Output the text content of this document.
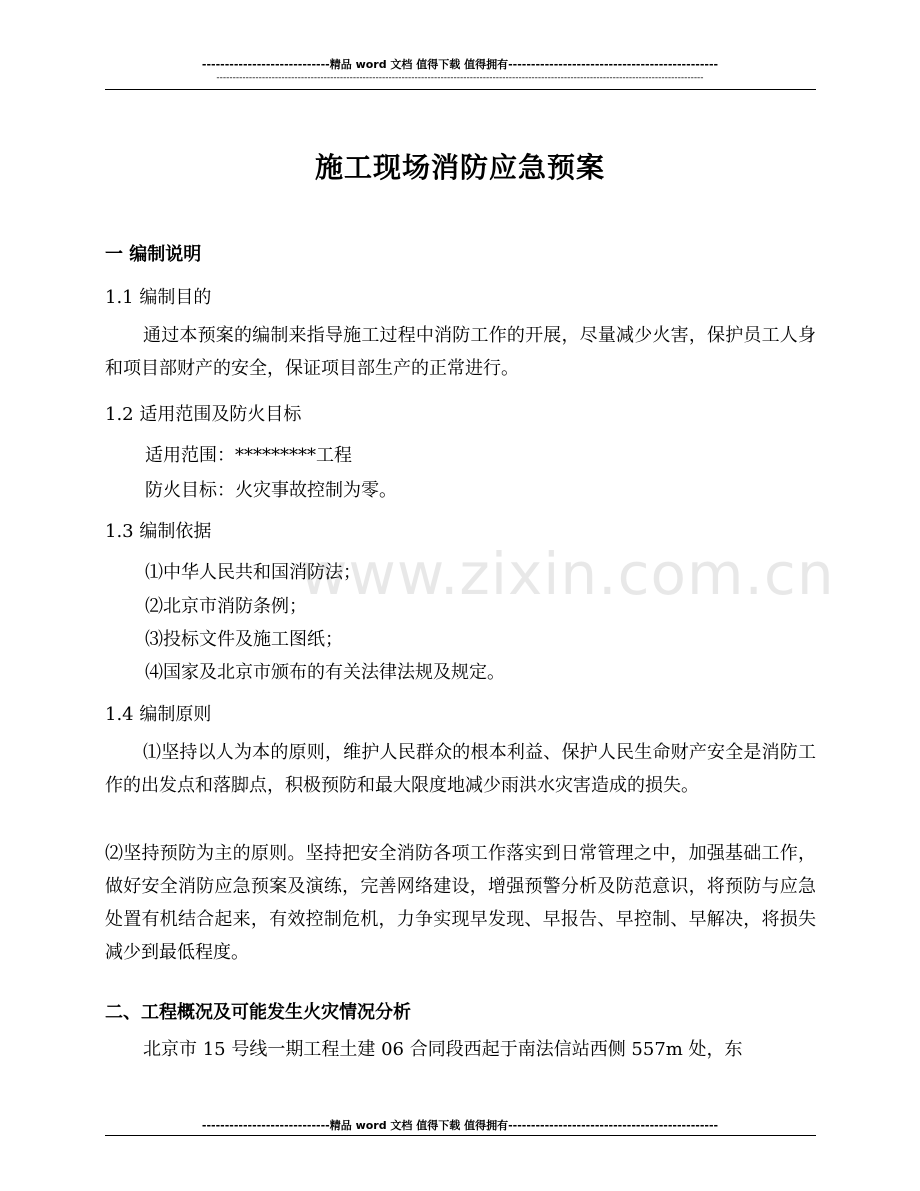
----------------------------精品 word 文档 值得下载 值得拥有----------------------------------------------
------------------------------------------------------------------------------------------------------------------------------------------------------
www.zixin.com.cn
施工现场消防应急预案
一 编制说明
1.1 编制目的
通过本预案的编制来指导施工过程中消防工作的开展，尽量减少火害，保护员工人身和项目部财产的安全，保证项目部生产的正常进行。
1.2 适用范围及防火目标
适用范围：*********工程
防火目标：火灾事故控制为零。
1.3 编制依据
⑴中华人民共和国消防法；
⑵北京市消防条例；
⑶投标文件及施工图纸；
⑷国家及北京市颁布的有关法律法规及规定。
1.4 编制原则
⑴坚持以人为本的原则，维护人民群众的根本利益、保护人民生命财产安全是消防工作的出发点和落脚点，积极预防和最大限度地减少雨洪水灾害造成的损失。
⑵坚持预防为主的原则。坚持把安全消防各项工作落实到日常管理之中，加强基础工作，做好安全消防应急预案及演练，完善网络建设，增强预警分析及防范意识，将预防与应急处置有机结合起来，有效控制危机，力争实现早发现、早报告、早控制、早解决，将损失减少到最低程度。
二、工程概况及可能发生火灾情况分析
北京市 15 号线一期工程土建 06 合同段西起于南法信站西侧 557m 处，东
----------------------------精品 word 文档 值得下载 值得拥有----------------------------------------------
